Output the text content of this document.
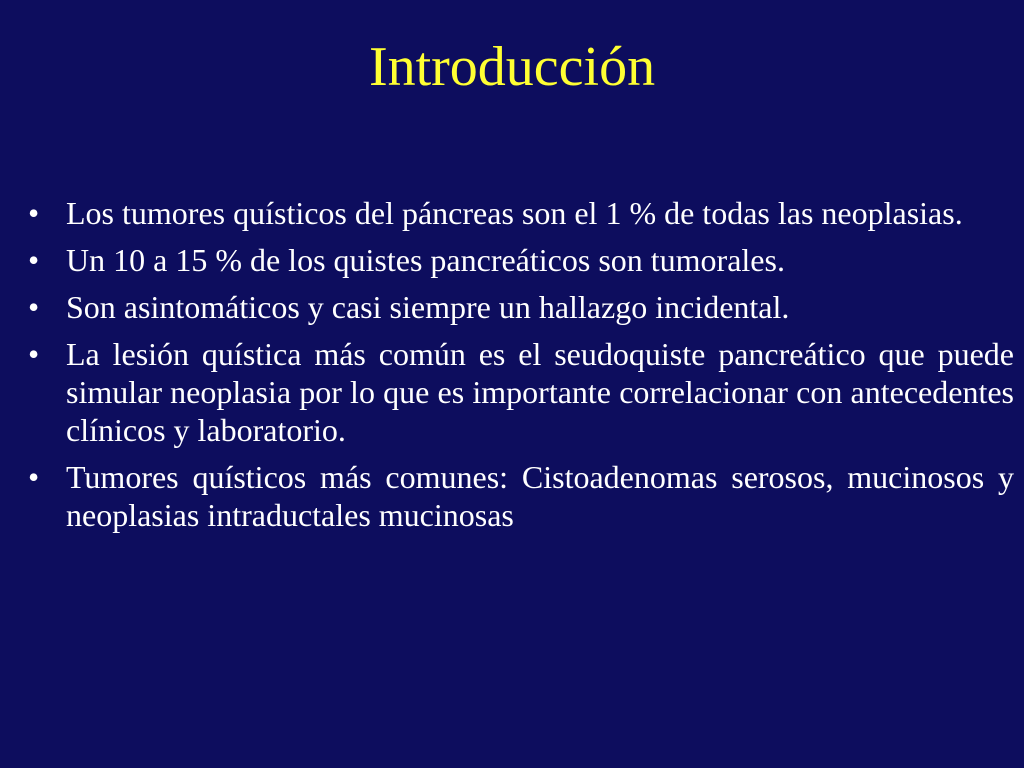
Introducción
• Los tumores quísticos del páncreas son el 1 % de todas las neoplasias.
• Un 10 a 15 % de los quistes pancreáticos son tumorales.
• Son asintomáticos y casi siempre un hallazgo incidental.
• La lesión quística más común es el seudoquiste pancreático que puede simular neoplasia por lo que es importante correlacionar con antecedentes clínicos y laboratorio.
• Tumores quísticos más comunes: Cistoadenomas serosos, mucinosos y neoplasias intraductales mucinosas
